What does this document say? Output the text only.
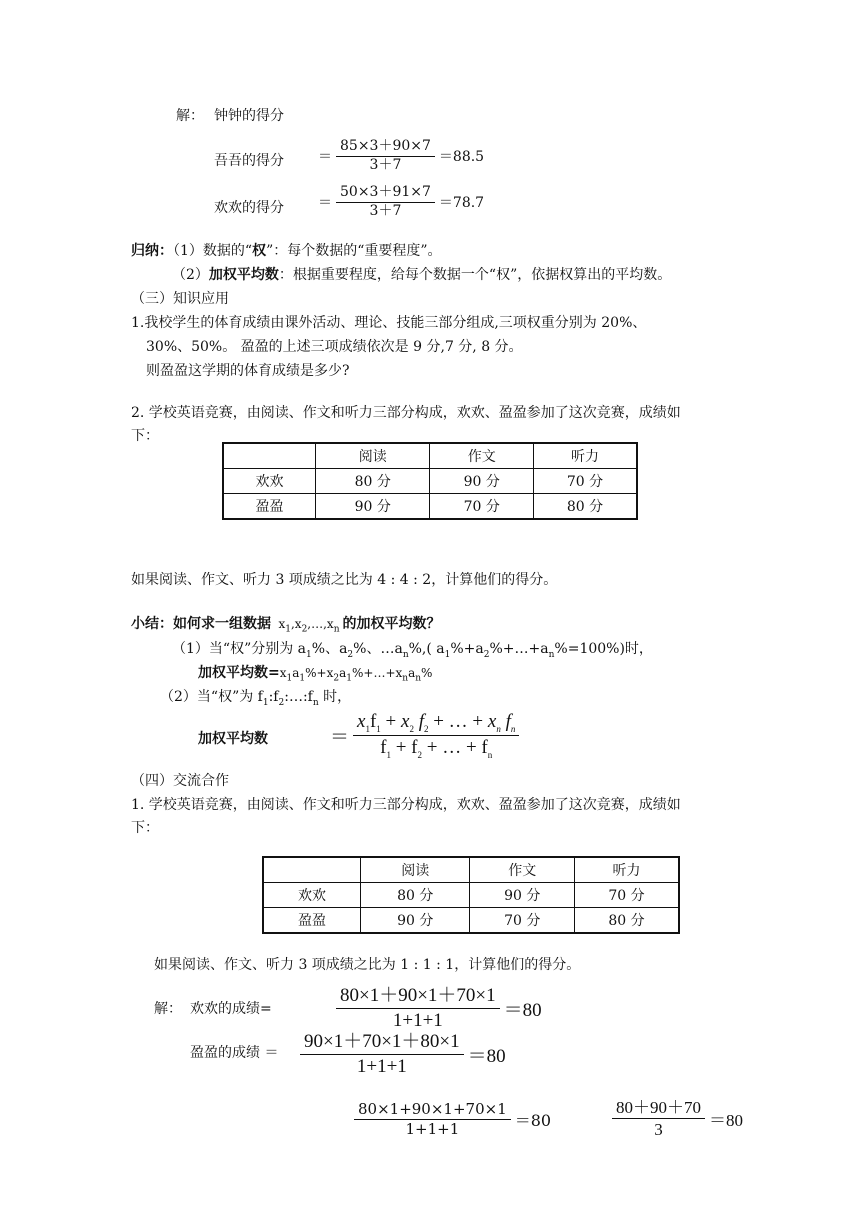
解： 钟钟的得分
吾吾的得分 ＝ $\frac{85\times 3+90\times 7}{3+7} =88.5$
欢欢的得分 ＝ $\frac{50\times 3+91\times 7}{3+7} =78.7$
归纳：（1）数据的“权”：每个数据的“重要程度”。
（2）加权平均数：根据重要程度，给每个数据一个“权”，依据权算出的平均数。
（三）知识应用
1.我校学生的体育成绩由课外活动、理论、技能三部分组成,三项权重分别为 20%、
30%、50%。 盈盈的上述三项成绩依次是 9 分,7 分, 8 分。
则盈盈这学期的体育成绩是多少?
2. 学校英语竞赛，由阅读、作文和听力三部分构成，欢欢、盈盈参加了这次竞赛，成绩如
下：
	阅读	作文	听力
欢欢	80 分	90 分	70 分
盈盈	90 分	70 分	80 分
如果阅读、作文、听力 3 项成绩之比为 4 : 4 : 2，计算他们的得分。
小结：如何求一组数据 $x_1,x_2,\dots,x_n$ 的加权平均数？
（1）当“权”分别为 $a_1\%$、$a_2\%$、$\dots a_n\%$,( $a_1\%+a_2\%+\dots+a_n\%=100\%$)时，
加权平均数$=x_1a_1\%+x_2a_1\%+\dots+x_na_n\%$
（2）当“权”为 $f_1:f_2:\dots:f_n$ 时，
加权平均数	＝ $\frac{x_1f_1 + x_2 f_2 + \dots + x_n f_n}{f_1 + f_2 + \dots + f_n}$
（四）交流合作
1. 学校英语竞赛，由阅读、作文和听力三部分构成，欢欢、盈盈参加了这次竞赛，成绩如
下：
	阅读	作文	听力
欢欢	80 分	90 分	70 分
盈盈	90 分	70 分	80 分
如果阅读、作文、听力 3 项成绩之比为 1 : 1 : 1，计算他们的得分。
解： 欢欢的成绩=	$\frac{80\times 1+90\times 1+70\times 1}{1+1+1} =80$
盈盈的成绩 ＝ $\frac{90\times 1+70\times 1+80\times 1}{1+1+1} =80$
$\frac{80\times 1+90\times 1+70\times 1}{1+1+1} =80$	$\frac{80+90+70}{3} =80$
